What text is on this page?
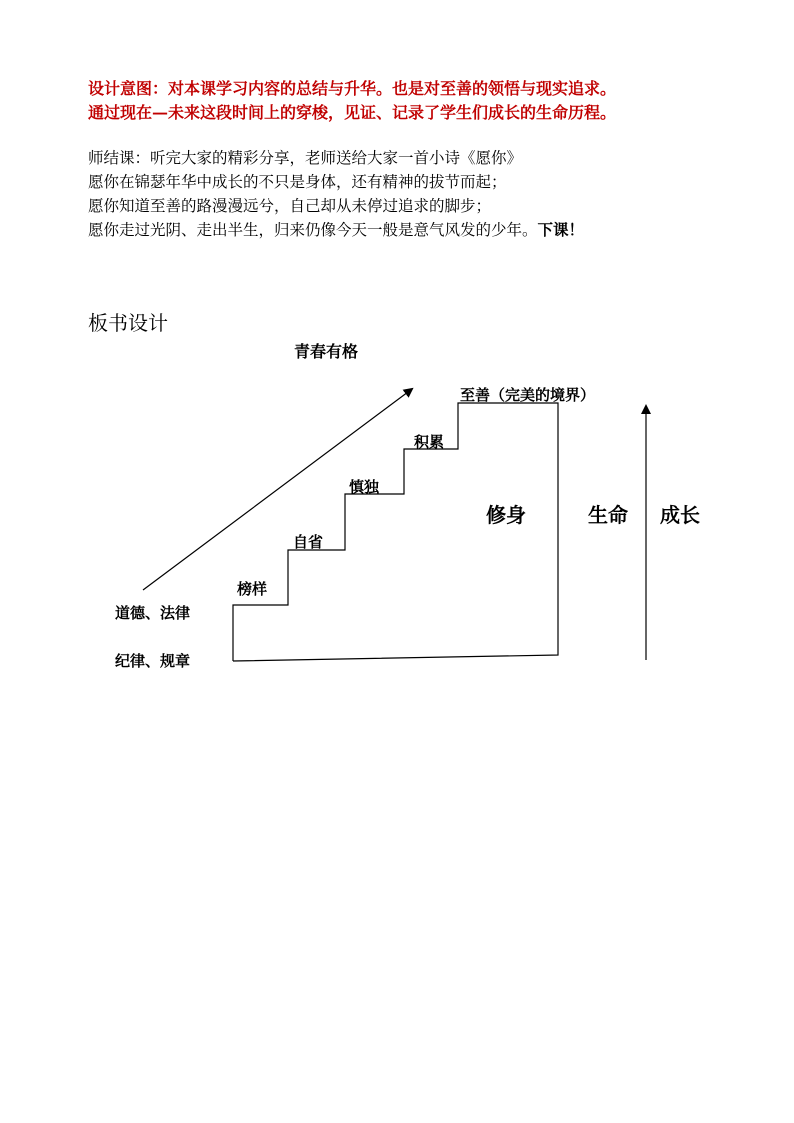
设计意图：对本课学习内容的总结与升华。也是对至善的领悟与现实追求。
通过现在—未来这段时间上的穿梭，见证、记录了学生们成长的生命历程。
师结课：听完大家的精彩分享，老师送给大家一首小诗《愿你》
愿你在锦瑟年华中成长的不只是身体，还有精神的拔节而起；
愿你知道至善的路漫漫远兮，自己却从未停过追求的脚步；
愿你走过光阴、走出半生，归来仍像今天一般是意气风发的少年。下课！
板书设计
青春有格
至善（完美的境界）
积累
慎独
自省
榜样
道德、法律
纪律、规章
修身	生命 成长
